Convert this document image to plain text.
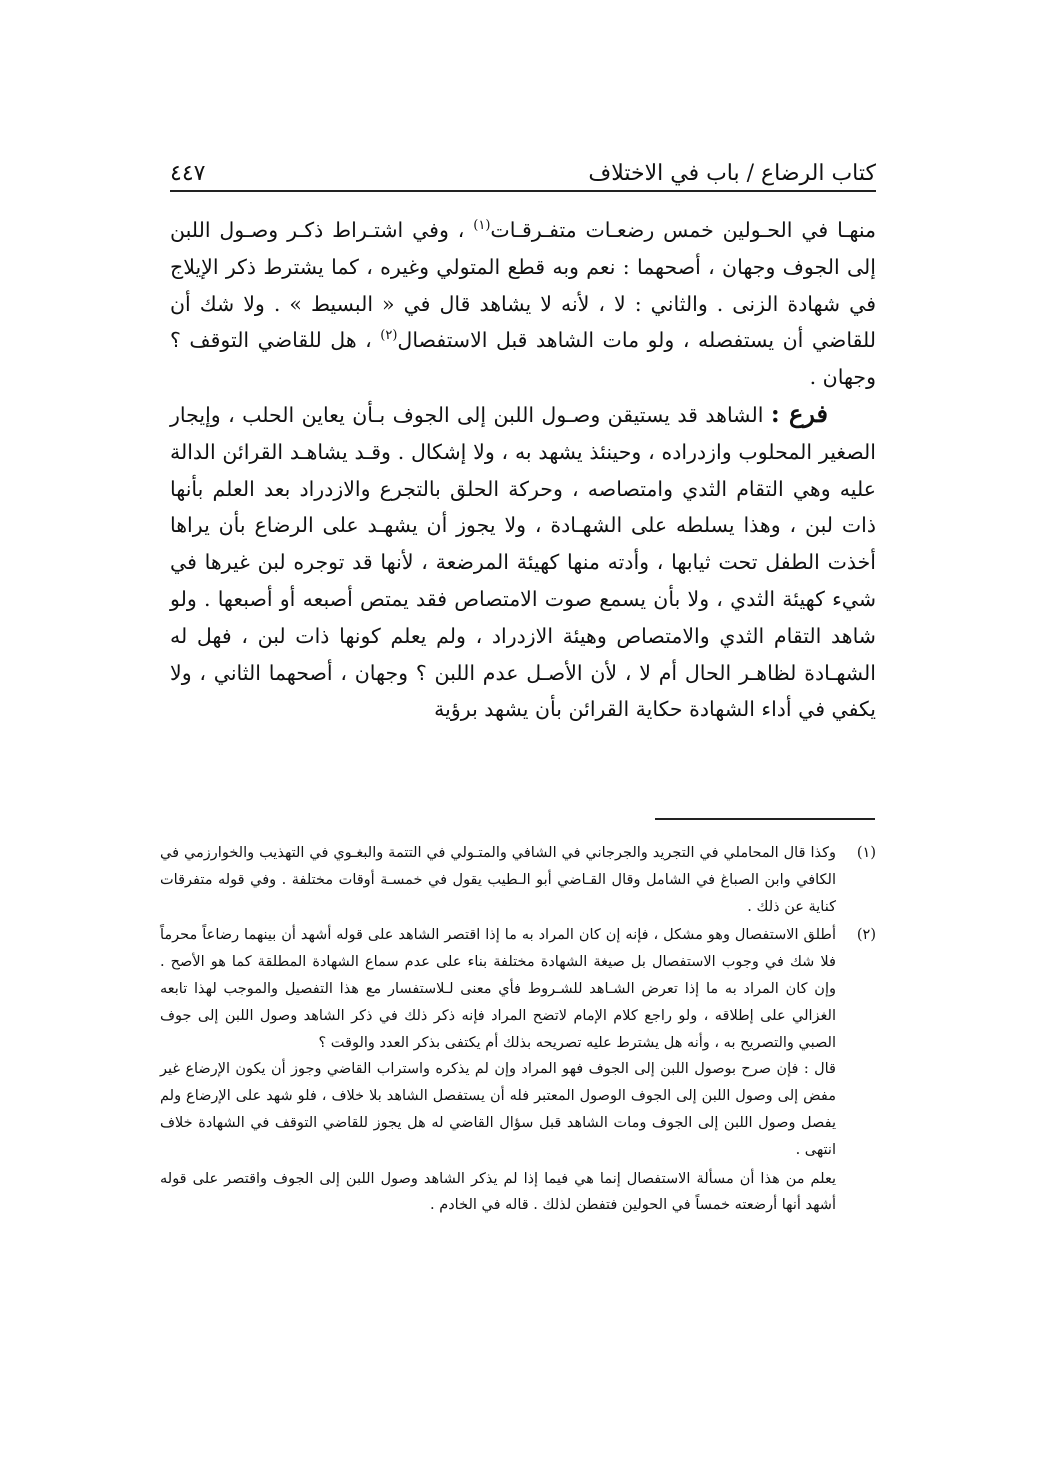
كتاب الرضاع / باب في الاختلاف
٤٤٧

منهـا في الحـولين خمس رضعـات متفـرقـات$^{(١)}$ ، وفي اشتـراط ذكـر وصـول اللبن إلى الجوف وجهان ، أصحهما : نعم وبه قطع المتولي وغيره ، كما يشترط ذكر الإيلاج في شهادة الزنى . والثاني : لا ، لأنه لا يشاهد قال في « البسيط » . ولا شك أن للقاضي أن يستفصله ، ولو مات الشاهد قبل الاستفصال$^{(٢)}$ ، هل للقاضي التوقف ؟ وجهان .

فرع : الشاهد قد يستيقن وصـول اللبن إلى الجوف بـأن يعاين الحلب ، وإيجار الصغير المحلوب وازدراده ، وحينئذ يشهد به ، ولا إشكال . وقـد يشاهـد القرائن الدالة عليه وهي التقام الثدي وامتصاصه ، وحركة الحلق بالتجرع والازدراد بعد العلم بأنها ذات لبن ، وهذا يسلطه على الشهـادة ، ولا يجوز أن يشهـد على الرضاع بأن يراها أخذت الطفل تحت ثيابها ، وأدته منها كهيئة المرضعة ، لأنها قد توجره لبن غيرها في شيء كهيئة الثدي ، ولا بأن يسمع صوت الامتصاص فقد يمتص أصبعه أو أصبعها . ولو شاهد التقام الثدي والامتصاص وهيئة الازدراد ، ولم يعلم كونها ذات لبن ، فهل له الشهـادة لظاهـر الحال أم لا ، لأن الأصـل عدم اللبن ؟ وجهان ، أصحهما الثاني ، ولا يكفي في أداء الشهادة حكاية القرائن بأن يشهد برؤية

(١)
وكذا قال المحاملي في التجريد والجرجاني في الشافي والمتـولي في التتمة والبغـوي في التهذيب والخوارزمي في الكافي وابن الصباغ في الشامل وقال القـاضي أبو الـطيب يقول في خمسـة أوقات مختلفة . وفي قوله متفرقات كناية عن ذلك .
(٢)
أطلق الاستفصال وهو مشكل ، فإنه إن كان المراد به ما إذا اقتصر الشاهد على قوله أشهد أن بينهما رضاعاً محرماً فلا شك في وجوب الاستفصال بل صيغة الشهادة مختلفة بناء على عدم سماع الشهادة المطلقة كما هو الأصح . وإن كان المراد به ما إذا تعرض الشـاهد للشـروط فأي معنى لـلاستفسار مع هذا التفصيل والموجب لهذا تابعه الغزالي على إطلاقه ، ولو راجع كلام الإمام لاتضح المراد فإنه ذكر ذلك في ذكر الشاهد وصول اللبن إلى جوف الصبي والتصريح به ، وأنه هل يشترط عليه تصريحه بذلك أم يكتفى بذكر العدد والوقت ؟
قال : فإن صرح بوصول اللبن إلى الجوف فهو المراد وإن لم يذكره واستراب القاضي وجوز أن يكون الإرضاع غير مفض إلى وصول اللبن إلى الجوف الوصول المعتبر فله أن يستفصل الشاهد بلا خلاف ، فلو شهد على الإرضاع ولم يفصل وصول اللبن إلى الجوف ومات الشاهد قبل سؤال القاضي له هل يجوز للقاضي التوقف في الشهادة خلاف انتهى .
يعلم من هذا أن مسألة الاستفصال إنما هي فيما إذا لم يذكر الشاهد وصول اللبن إلى الجوف واقتصر على قوله أشهد أنها أرضعته خمساً في الحولين فتفطن لذلك . قاله في الخادم .
